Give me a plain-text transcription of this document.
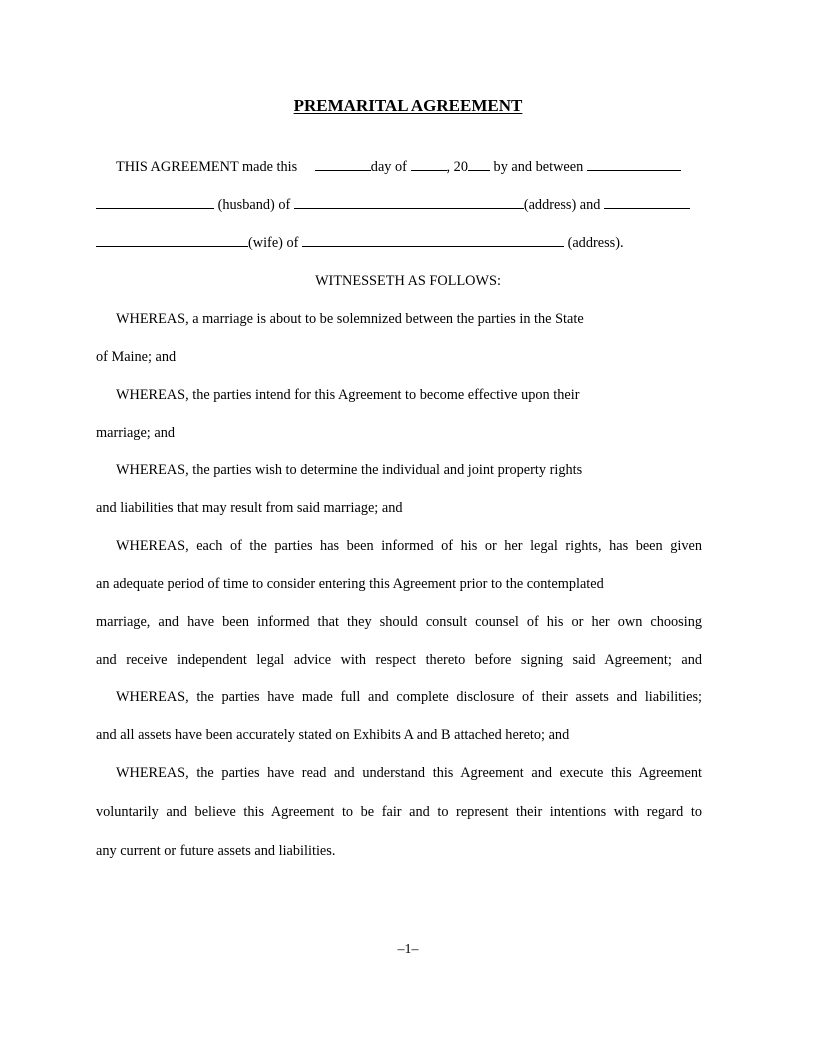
PREMARITAL AGREEMENT
THIS AGREEMENT made this	day of	, 20 by and between
(husband) of	(address) and
(wife) of	(address).
WITNESSETH AS FOLLOWS:
WHEREAS, a marriage is about to be solemnized between the parties in the State
of Maine; and
WHEREAS, the parties intend for this Agreement to become effective upon their
marriage; and
WHEREAS, the parties wish to determine the individual and joint property rights
and liabilities that may result from said marriage; and
WHEREAS, each of the parties has been informed of his or her legal rights, has been given
an adequate period of time to consider entering this Agreement prior to the contemplated
marriage, and have been informed that they should consult counsel of his or her own choosing
and receive independent legal advice with respect thereto before signing said Agreement; and
WHEREAS, the parties have made full and complete disclosure of their assets and liabilities;
and all assets have been accurately stated on Exhibits A and B attached hereto; and
WHEREAS, the parties have read and understand this Agreement and execute this Agreement
voluntarily and believe this Agreement to be fair and to represent their intentions with regard to
any current or future assets and liabilities.
–1–
